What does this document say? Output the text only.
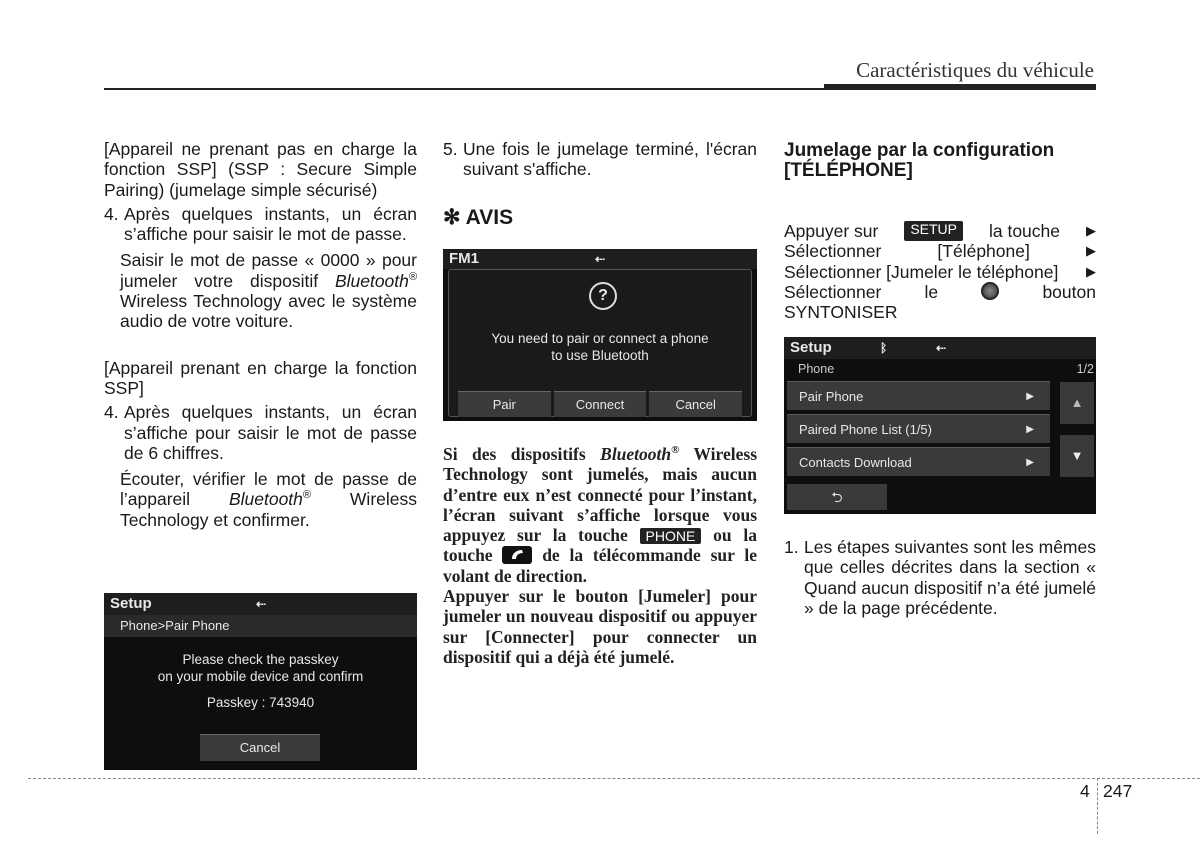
Caractéristiques du véhicule

[Appareil ne prenant pas en charge la fonction SSP] (SSP : Secure Simple Pairing) (jumelage simple sécurisé)

4. Après quelques instants, un écran s’affiche pour saisir le mot de passe.

Saisir le mot de passe « 0000 » pour jumeler votre dispositif Bluetooth® Wireless Technology avec le système audio de votre voiture.

[Appareil prenant en charge la fonction SSP]

4. Après quelques instants, un écran s’affiche pour saisir le mot de passe de 6 chiffres.

Écouter, vérifier le mot de passe de l’appareil Bluetooth® Wireless Technology et confirmer.

Setup	⇠
Phone>Pair Phone
Please check the passkey
on your mobile device and confirm
Passkey : 743940
Cancel
5. Une fois le jumelage terminé, l'écran suivant s'affiche.
✻ AVIS
FM1	⇠
?
You need to pair or connect a phone
to use Bluetooth
Pair	Connect	Cancel

Si des dispositifs Bluetooth® Wireless Technology sont jumelés, mais aucun d’entre eux n’est connecté pour l’instant, l’écran suivant s’affiche lorsque vous appuyez sur la touche PHONE ou la touche  de la télécommande sur le volant de direction.

Appuyer sur le bouton [Jumeler] pour jumeler un nouveau dispositif ou appuyer sur [Connecter] pour connecter un dispositif qui a déjà été jumelé.

Jumelage par la configuration [TÉLÉPHONE]
Appuyer sur	SETUP	la touche ▶
Sélectionner	[Téléphone]	▶
Sélectionner [Jumeler le téléphone] ▶
Sélectionner le	bouton
SYNTONISER
Setup	ᛒ	⇠
Phone	1/2
Pair Phone	▶
Paired Phone List (1/5)	▶
Contacts Download	▶
▲
▼
⮌
1. Les étapes suivantes sont les mêmes que celles décrites dans la section « Quand aucun dispositif n’a été jumelé » de la page précédente.
4 247
